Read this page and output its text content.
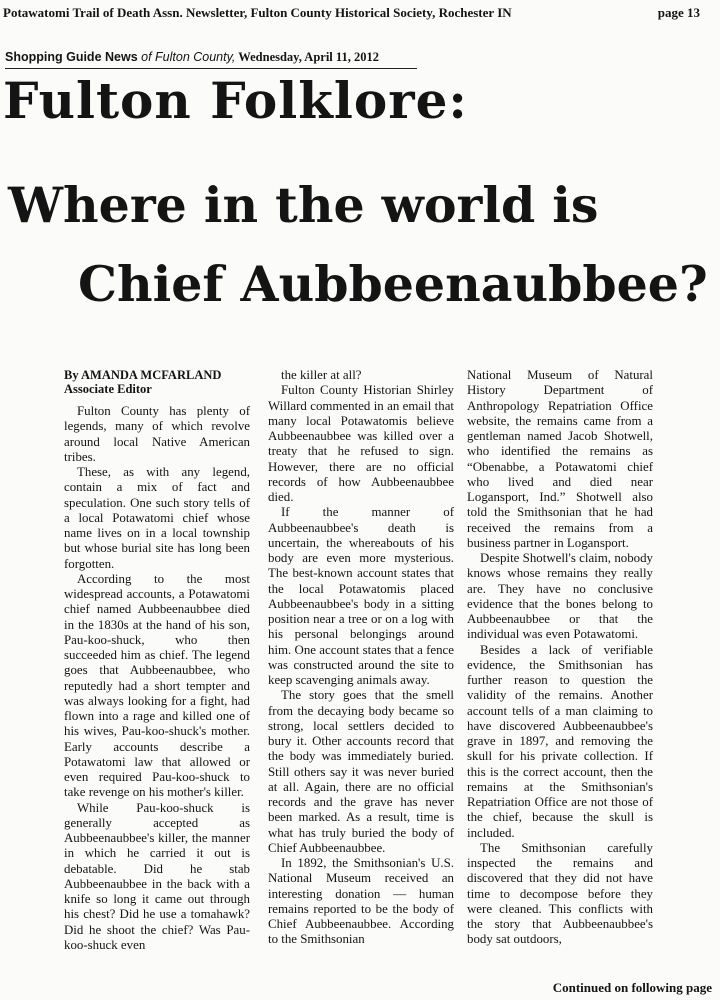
Potawatomi Trail of Death Assn. Newsletter, Fulton County Historical Society, Rochester IN	page 13
Shopping Guide News of Fulton County, Wednesday, April 11, 2012
Fulton Folklore:
Where in the world is
Chief Aubbeenaubbee?
By AMANDA MCFARLAND
Associate Editor

Fulton County has plenty of legends, many of which revolve around local Native American tribes.

These, as with any legend, contain a mix of fact and speculation. One such story tells of a local Potawatomi chief whose name lives on in a local township but whose burial site has long been forgotten.

According to the most widespread accounts, a Potawatomi chief named Aubbeenaubbee died in the 1830s at the hand of his son, Pau-koo-shuck, who then succeeded him as chief. The legend goes that Aubbeenaubbee, who reputedly had a short tempter and was always looking for a fight, had flown into a rage and killed one of his wives, Pau-koo-shuck's mother. Early accounts describe a Potawatomi law that allowed or even required Pau-koo-shuck to take revenge on his mother's killer.

While Pau-koo-shuck is generally accepted as Aubbeenaubbee's killer, the manner in which he carried it out is debatable. Did he stab Aubbeenaubbee in the back with a knife so long it came out through his chest? Did he use a tomahawk? Did he shoot the chief? Was Pau-koo-shuck even

the killer at all?

Fulton County Historian Shirley Willard commented in an email that many local Potawatomis believe Aubbeenaubbee was killed over a treaty that he refused to sign. However, there are no official records of how Aubbeenaubbee died.

If the manner of Aubbeenaubbee's death is uncertain, the whereabouts of his body are even more mysterious. The best-known account states that the local Potawatomis placed Aubbeenaubbee's body in a sitting position near a tree or on a log with his personal belongings around him. One account states that a fence was constructed around the site to keep scavenging animals away.

The story goes that the smell from the decaying body became so strong, local settlers decided to bury it. Other accounts record that the body was immediately buried. Still others say it was never buried at all. Again, there are no official records and the grave has never been marked. As a result, time is what has truly buried the body of Chief Aubbeenaubbee.

In 1892, the Smithsonian's U.S. National Museum received an interesting donation — human remains reported to be the body of Chief Aubbeenaubbee. According to the Smithsonian

National Museum of Natural History Department of Anthropology Repatriation Office website, the remains came from a gentleman named Jacob Shotwell, who identified the remains as “Obenabbe, a Potawatomi chief who lived and died near Logansport, Ind.” Shotwell also told the Smithsonian that he had received the remains from a business partner in Logansport.

Despite Shotwell's claim, nobody knows whose remains they really are. They have no conclusive evidence that the bones belong to Aubbeenaubbee or that the individual was even Potawatomi.

Besides a lack of verifiable evidence, the Smithsonian has further reason to question the validity of the remains. Another account tells of a man claiming to have discovered Aubbeenaubbee's grave in 1897, and removing the skull for his private collection. If this is the correct account, then the remains at the Smithsonian's Repatriation Office are not those of the chief, because the skull is included.

The Smithsonian carefully inspected the remains and discovered that they did not have time to decompose before they were cleaned. This conflicts with the story that Aubbeenaubbee's body sat outdoors,

Continued on following page
